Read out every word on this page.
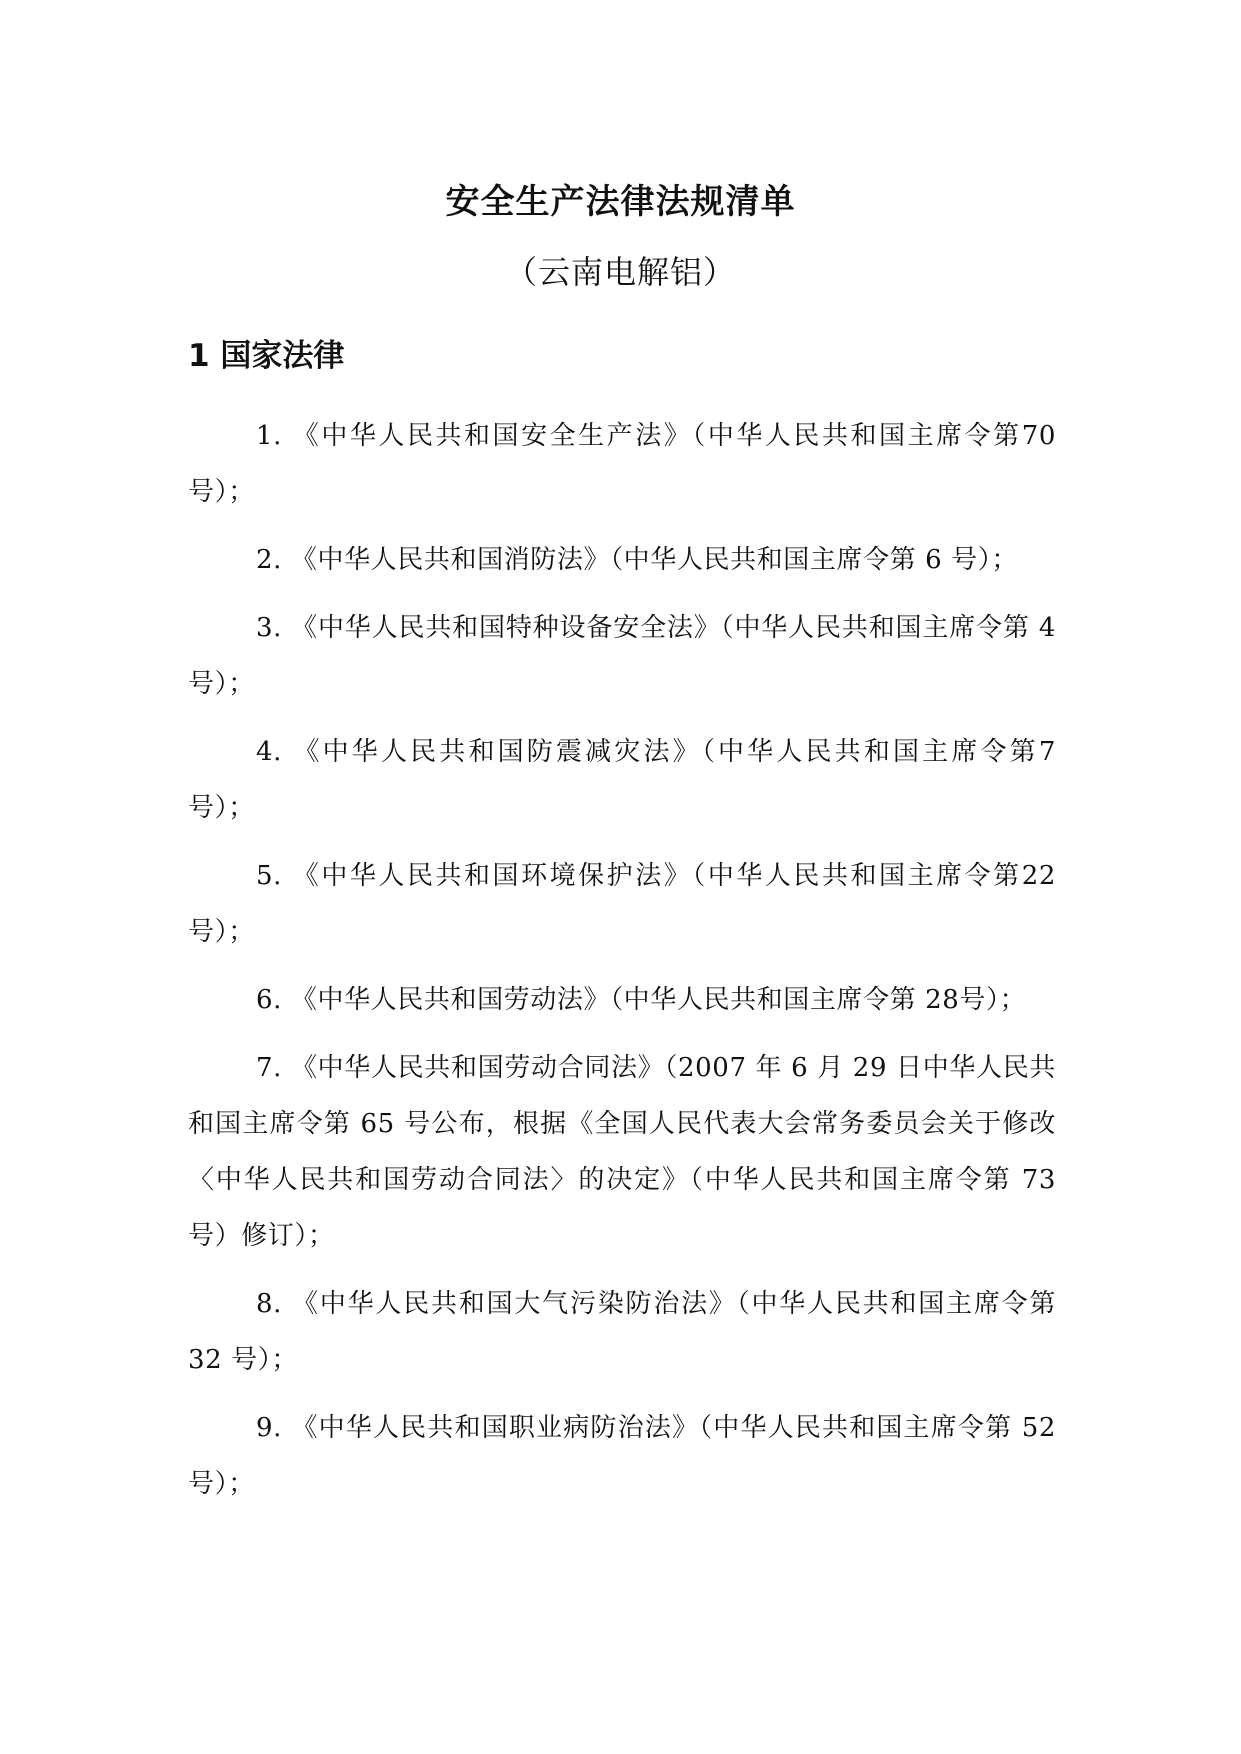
安全生产法律法规清单
（云南电解铝）
1 国家法律

1. 《中华人民共和国安全生产法》（中华人民共和国主席令第70 号）；

2. 《中华人民共和国消防法》（中华人民共和国主席令第 6 号）；

3. 《中华人民共和国特种设备安全法》（中华人民共和国主席令第 4 号）；

4. 《中华人民共和国防震减灾法》（中华人民共和国主席令第7 号）；

5. 《中华人民共和国环境保护法》（中华人民共和国主席令第22 号）；

6. 《中华人民共和国劳动法》（中华人民共和国主席令第 28号）；

7. 《中华人民共和国劳动合同法》（2007 年 6 月 29 日中华人民共和国主席令第 65 号公布，根据《全国人民代表大会常务委员会关于修改〈中华人民共和国劳动合同法〉的决定》（中华人民共和国主席令第 73 号）修订）；

8. 《中华人民共和国大气污染防治法》（中华人民共和国主席令第 32 号）；

9. 《中华人民共和国职业病防治法》（中华人民共和国主席令第 52 号）；
